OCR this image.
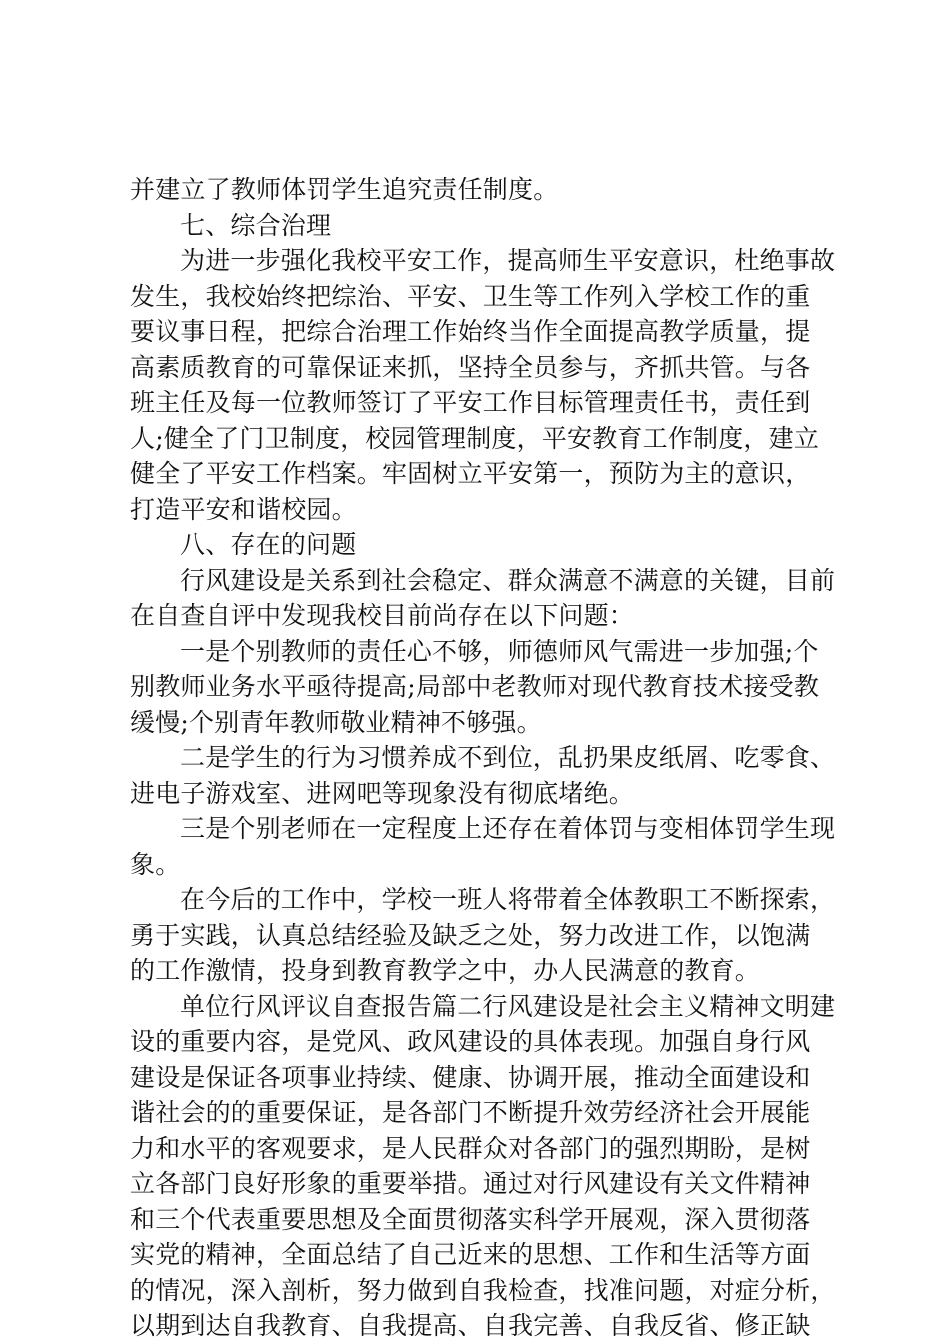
并建立了教师体罚学生追究责任制度。
七、综合治理
为进一步强化我校平安工作，提高师生平安意识，杜绝事故
发生，我校始终把综治、平安、卫生等工作列入学校工作的重
要议事日程，把综合治理工作始终当作全面提高教学质量，提
高素质教育的可靠保证来抓，坚持全员参与，齐抓共管。与各
班主任及每一位教师签订了平安工作目标管理责任书，责任到
人;健全了门卫制度，校园管理制度，平安教育工作制度，建立
健全了平安工作档案。牢固树立平安第一，预防为主的意识，
打造平安和谐校园。
八、存在的问题
行风建设是关系到社会稳定、群众满意不满意的关键，目前
在自查自评中发现我校目前尚存在以下问题：
一是个别教师的责任心不够，师德师风气需进一步加强;个
别教师业务水平亟待提高;局部中老教师对现代教育技术接受教
缓慢;个别青年教师敬业精神不够强。
二是学生的行为习惯养成不到位，乱扔果皮纸屑、吃零食、
进电子游戏室、进网吧等现象没有彻底堵绝。
三是个别老师在一定程度上还存在着体罚与变相体罚学生现
象。
在今后的工作中，学校一班人将带着全体教职工不断探索，
勇于实践，认真总结经验及缺乏之处，努力改进工作，以饱满
的工作激情，投身到教育教学之中，办人民满意的教育。
单位行风评议自查报告篇二行风建设是社会主义精神文明建
设的重要内容，是党风、政风建设的具体表现。加强自身行风
建设是保证各项事业持续、健康、协调开展，推动全面建设和
谐社会的的重要保证，是各部门不断提升效劳经济社会开展能
力和水平的客观要求，是人民群众对各部门的强烈期盼，是树
立各部门良好形象的重要举措。通过对行风建设有关文件精神
和三个代表重要思想及全面贯彻落实科学开展观，深入贯彻落
实党的精神，全面总结了自己近来的思想、工作和生活等方面
的情况，深入剖析，努力做到自我检查，找准问题，对症分析，
以期到达自我教育、自我提高、自我完善、自我反省、修正缺
